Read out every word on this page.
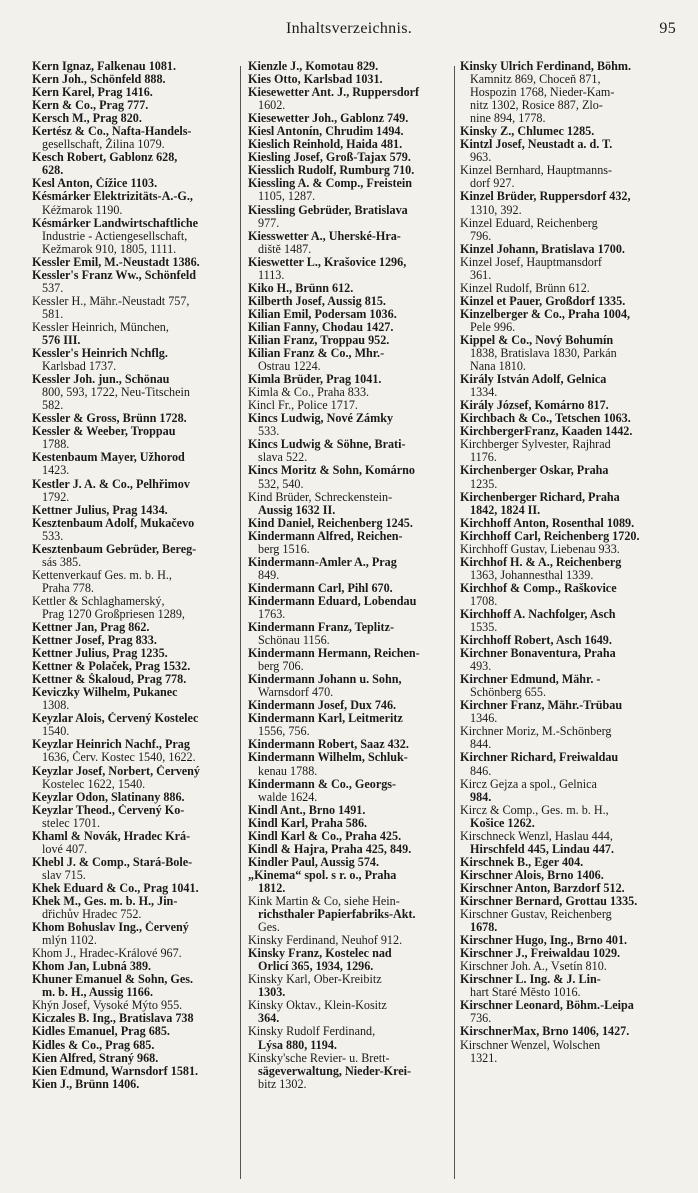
Inhaltsverzeichnis.	95
Kern Ignaz, Falkenau 1081.
Kern Joh., Schönfeld 888.
Kern Karel, Prag 1416.
Kern & Co., Prag 777.
Kersch M., Prag 820.
Kertész & Co., Nafta-Handels-
gesellschaft, Žilina 1079.
Kesch Robert, Gablonz 628,
628.
Kesl Anton, Čížice 1103.
Késmárker Elektrizitäts-A.-G.,
Kéžmarok 1190.
Késmárker Landwirtschaftliche
Industrie - Actiengesellschaft,
Kežmarok 910, 1805, 1111.
Kessler Emil, M.-Neustadt 1386.
Kessler's Franz Ww., Schönfeld
537.
Kessler H., Mähr.-Neustadt 757,
581.
Kessler Heinrich, München,
576 III.
Kessler's Heinrich Nchflg.
Karlsbad 1737.
Kessler Joh. jun., Schönau
800, 593, 1722, Neu-Titschein
582.
Kessler & Gross, Brünn 1728.
Kessler & Weeber, Troppau
1788.
Kestenbaum Mayer, Užhorod
1423.
Kestler J. A. & Co., Pelhřimov
1792.
Kettner Julius, Prag 1434.
Kesztenbaum Adolf, Mukačevo
533.
Kesztenbaum Gebrüder, Bereg-
sás 385.
Kettenverkauf Ges. m. b. H.,
Praha 778.
Kettler & Schlaghamerský,
Prag 1270 Großpriesen 1289,
Kettner Jan, Prag 862.
Kettner Josef, Prag 833.
Kettner Julius, Prag 1235.
Kettner & Polaček, Prag 1532.
Kettner & Škaloud, Prag 778.
Keviczky Wilhelm, Pukanec
1308.
Keyzlar Alois, Červený Kostelec
1540.
Keyzlar Heinrich Nachf., Prag
1636, Červ. Kostec 1540, 1622.
Keyzlar Josef, Norbert, Červený
Kostelec 1622, 1540.
Keyzlar Odon, Slatinany 886.
Keyzlar Theod., Červený Ko-
stelec 1701.
Khaml & Novák, Hradec Krá-
lové 407.
Khebl J. & Comp., Stará-Bole-
slav 715.
Khek Eduard & Co., Prag 1041.
Khek M., Ges. m. b. H., Jin-
dřichův Hradec 752.
Khom Bohuslav Ing., Červený
mlýn 1102.
Khom J., Hradec-Králové 967.
Khom Jan, Lubná 389.
Khuner Emanuel & Sohn, Ges.
m. b. H., Aussig 1166.
Khýn Josef, Vysoké Mýto 955.
Kiczales B. Ing., Bratislava 738
Kidles Emanuel, Prag 685.
Kidles & Co., Prag 685.
Kien Alfred, Straný 968.
Kien Edmund, Warnsdorf 1581.
Kien J., Brünn 1406.
Kienzle J., Komotau 829.
Kies Otto, Karlsbad 1031.
Kiesewetter Ant. J., Ruppersdorf
1602.
Kiesewetter Joh., Gablonz 749.
Kiesl Antonín, Chrudim 1494.
Kieslich Reinhold, Haida 481.
Kiesling Josef, Groß-Tajax 579.
Kiesslich Rudolf, Rumburg 710.
Kiessling A. & Comp., Freistein
1105, 1287.
Kiessling Gebrüder, Bratislava
977.
Kiesswetter A., Uherské-Hra-
diště 1487.
Kieswetter L., Krašovice 1296,
1113.
Kiko H., Brünn 612.
Kilberth Josef, Aussig 815.
Kilian Emil, Podersam 1036.
Kilian Fanny, Chodau 1427.
Kilian Franz, Troppau 952.
Kilian Franz & Co., Mhr.-
Ostrau 1224.
Kimla Brüder, Prag 1041.
Kimla & Co., Praha 833.
Kincl Fr., Police 1717.
Kincs Ludwig, Nové Zámky
533.
Kincs Ludwig & Söhne, Brati-
slava 522.
Kincs Moritz & Sohn, Komárno
532, 540.
Kind Brüder, Schreckenstein-
Aussig 1632 II.
Kind Daniel, Reichenberg 1245.
Kindermann Alfred, Reichen-
berg 1516.
Kindermann-Amler A., Prag
849.
Kindermann Carl, Pihl 670.
Kindermann Eduard, Lobendau
1763.
Kindermann Franz, Teplitz-
Schönau 1156.
Kindermann Hermann, Reichen-
berg 706.
Kindermann Johann u. Sohn,
Warnsdorf 470.
Kindermann Josef, Dux 746.
Kindermann Karl, Leitmeritz
1556, 756.
Kindermann Robert, Saaz 432.
Kindermann Wilhelm, Schluk-
kenau 1788.
Kindermann & Co., Georgs-
walde 1624.
Kindl Ant., Brno 1491.
Kindl Karl, Praha 586.
Kindl Karl & Co., Praha 425.
Kindl & Hajra, Praha 425, 849.
Kindler Paul, Aussig 574.
„Kinema“ spol. s r. o., Praha
1812.
Kink Martin & Co, siehe Hein-
richsthaler Papierfabriks-Akt.
Ges.
Kinsky Ferdinand, Neuhof 912.
Kinsky Franz, Kostelec nad
Orlicí 365, 1934, 1296.
Kinsky Karl, Ober-Kreibitz
1303.
Kinsky Oktav., Klein-Kositz
364.
Kinsky Rudolf Ferdinand,
Lýsa 880, 1194.
Kinsky'sche Revier- u. Brett-
sägeverwaltung, Nieder-Krei-
bitz 1302.
Kinsky Ulrich Ferdinand, Böhm.
Kamnitz 869, Choceň 871,
Hospozin 1768, Nieder-Kam-
nitz 1302, Rosice 887, Zlo-
nine 894, 1778.
Kinsky Z., Chlumec 1285.
Kintzl Josef, Neustadt a. d. T.
963.
Kinzel Bernhard, Hauptmanns-
dorf 927.
Kinzel Brüder, Ruppersdorf 432,
1310, 392.
Kinzel Eduard, Reichenberg
796.
Kinzel Johann, Bratislava 1700.
Kinzel Josef, Hauptmansdorf
361.
Kinzel Rudolf, Brünn 612.
Kinzel et Pauer, Großdorf 1335.
Kinzelberger & Co., Praha 1004,
Pele 996.
Kippel & Co., Nový Bohumín
1838, Bratislava 1830, Parkán
Nana 1810.
Király István Adolf, Gelnica
1334.
Király József, Komárno 817.
Kirchbach & Co., Tetschen 1063.
KirchbergerFranz, Kaaden 1442.
Kirchberger Sylvester, Rajhrad
1176.
Kirchenberger Oskar, Praha
1235.
Kirchenberger Richard, Praha
1842, 1824 II.
Kirchhoff Anton, Rosenthal 1089.
Kirchhoff Carl, Reichenberg 1720.
Kirchhoff Gustav, Liebenau 933.
Kirchhof H. & A., Reichenberg
1363, Johannesthal 1339.
Kirchhof & Comp., Raškovice
1708.
Kirchhoff A. Nachfolger, Asch
1535.
Kirchhoff Robert, Asch 1649.
Kirchner Bonaventura, Praha
493.
Kirchner Edmund, Mähr. -
Schönberg 655.
Kirchner Franz, Mähr.-Trübau
1346.
Kirchner Moriz, M.-Schönberg
844.
Kirchner Richard, Freiwaldau
846.
Kircz Gejza a spol., Gelnica
984.
Kircz & Comp., Ges. m. b. H.,
Košice 1262.
Kirschneck Wenzl, Haslau 444,
Hirschfeld 445, Lindau 447.
Kirschnek B., Eger 404.
Kirschner Alois, Brno 1406.
Kirschner Anton, Barzdorf 512.
Kirschner Bernard, Grottau 1335.
Kirschner Gustav, Reichenberg
1678.
Kirschner Hugo, Ing., Brno 401.
Kirschner J., Freiwaldau 1029.
Kirschner Joh. A., Vsetín 810.
Kirschner L. Ing. & J. Lin-
hart Staré Město 1016.
Kirschner Leonard, Böhm.-Leipa
736.
KirschnerMax, Brno 1406, 1427.
Kirschner Wenzel, Wolschen
1321.
